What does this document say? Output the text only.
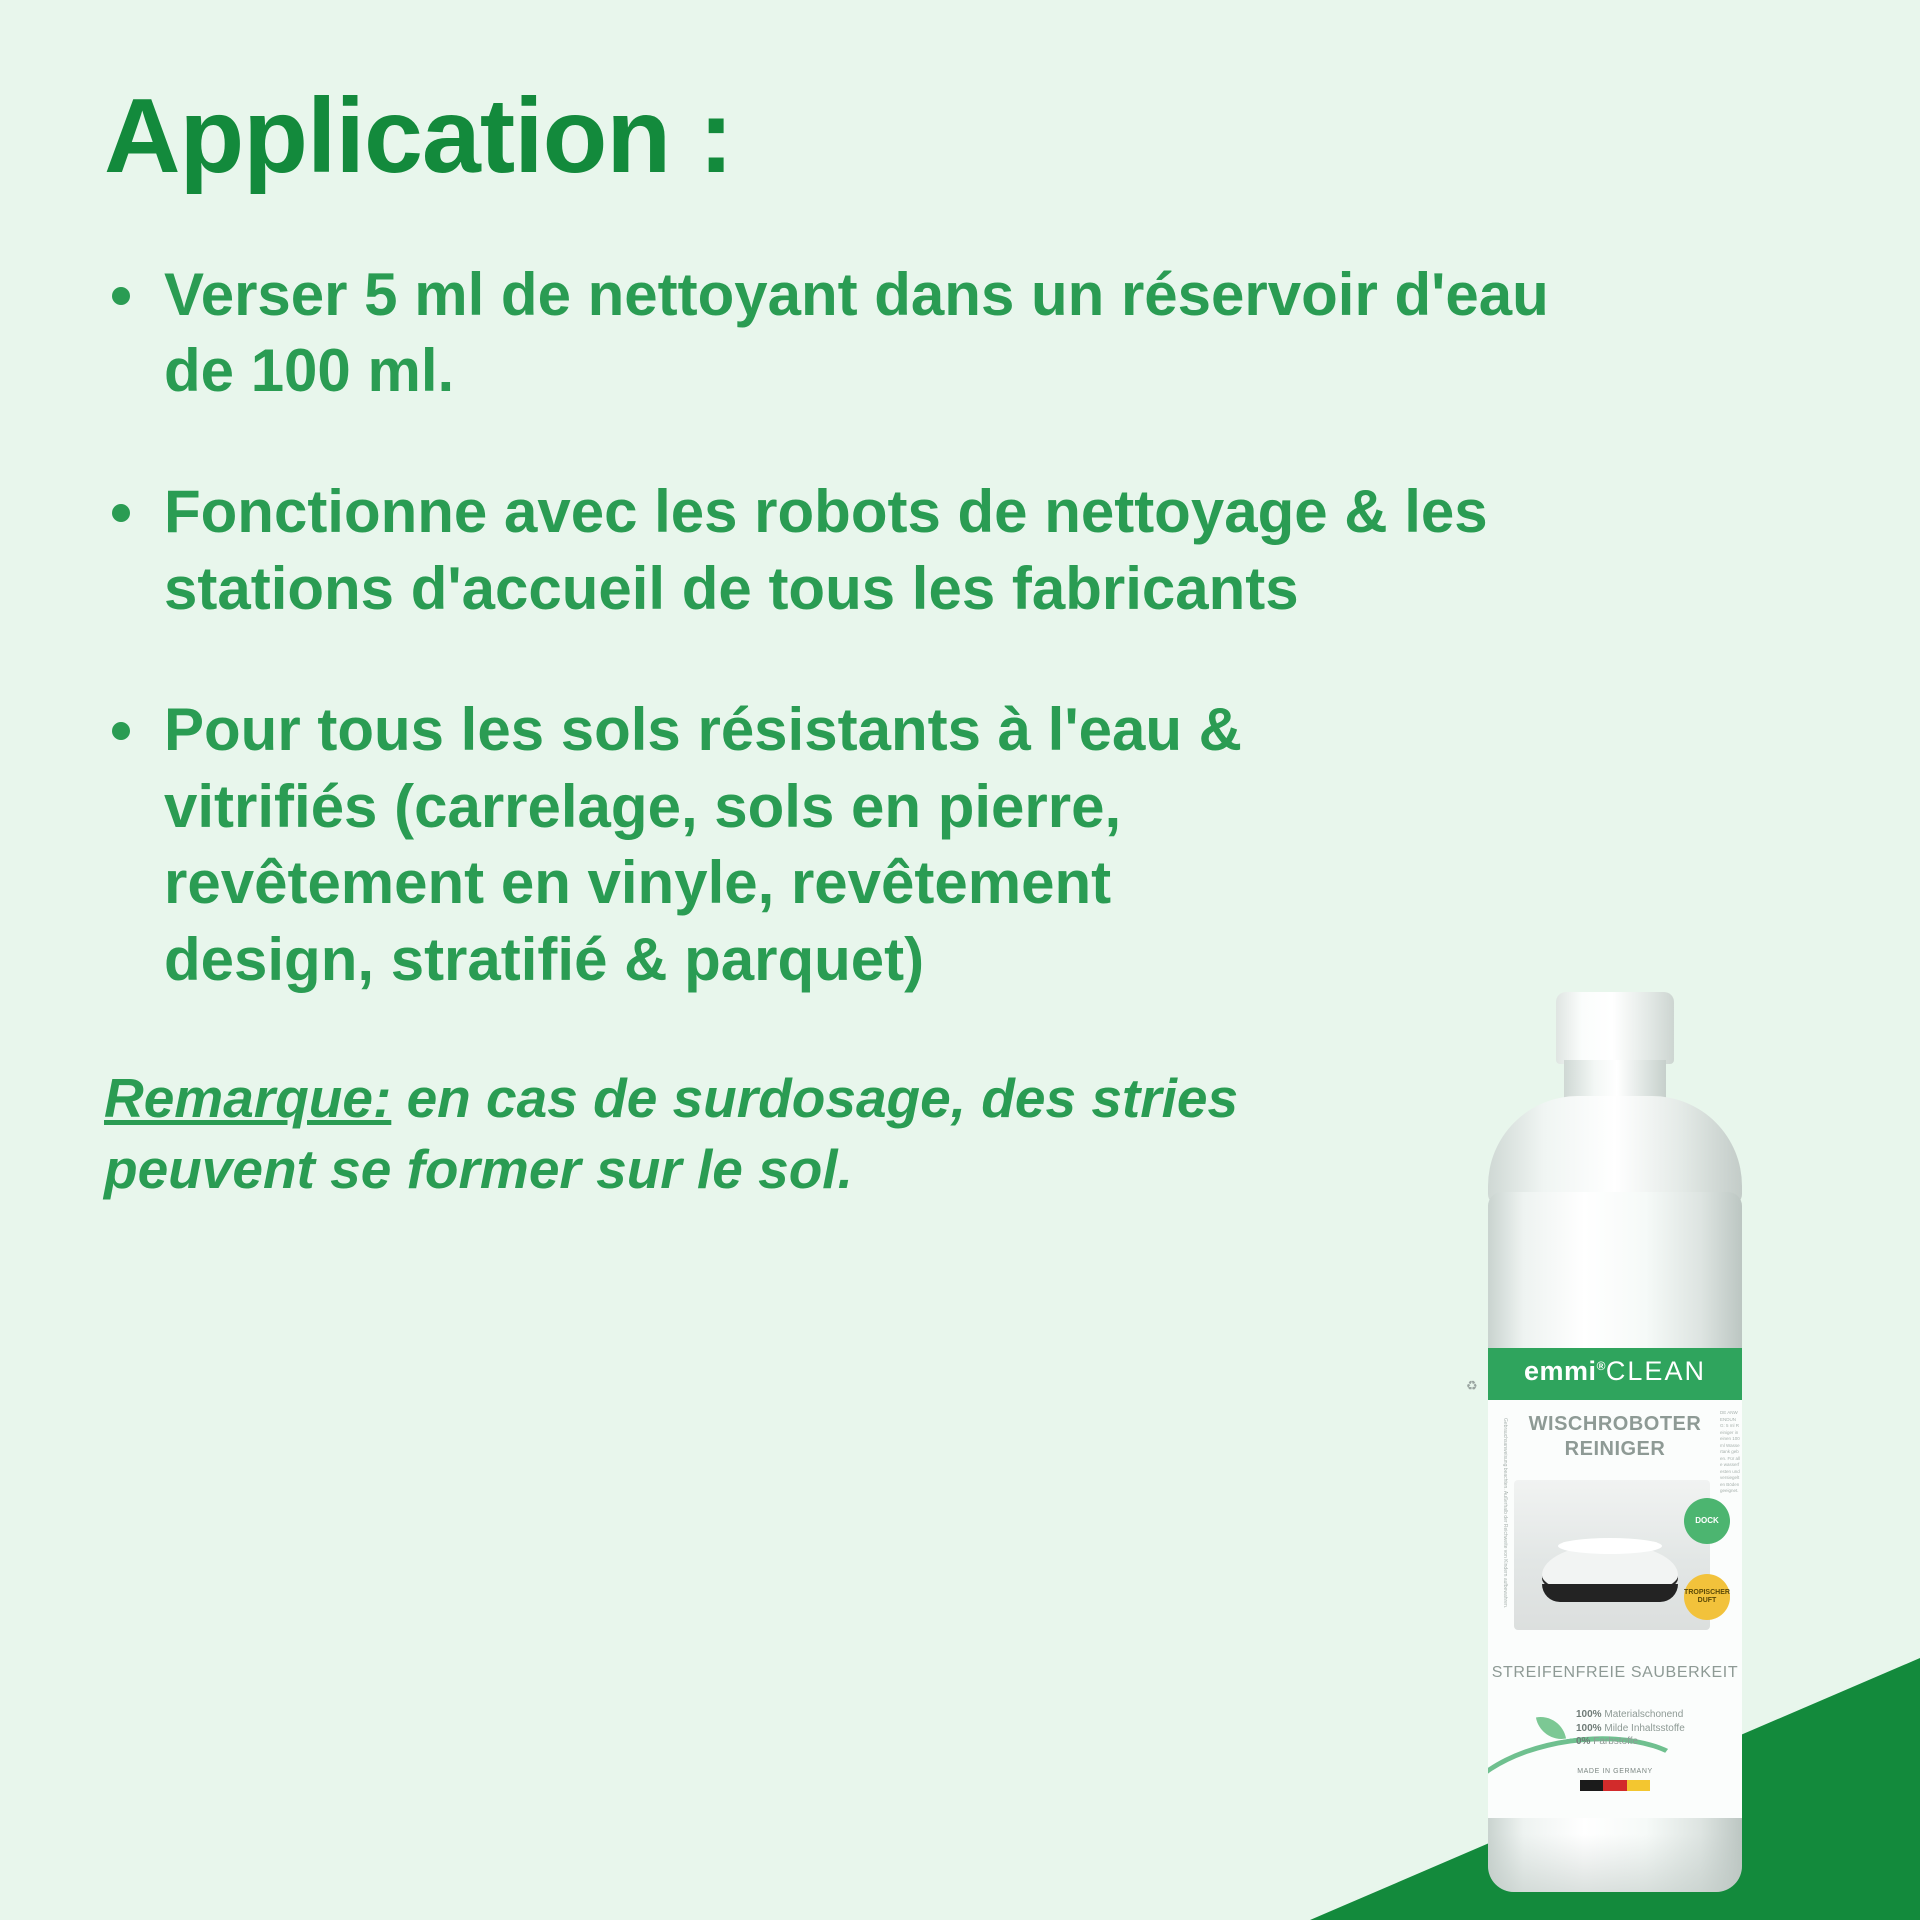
Application :
Verser 5 ml de nettoyant dans un réservoir d'eau de 100 ml.
Fonctionne avec les robots de nettoyage & les stations d'accueil de tous les fabricants
Pour tous les sols résistants à l'eau & vitrifiés (carrelage, sols en pierre, revêtement en vinyle, revêtement design, stratifié & parquet)
Remarque: en cas de surdosage, des stries peuvent se former sur le sol.
emmi®CLEAN
WISCHROBOTER
REINIGER
DOCK
TROPISCHER DUFT
STREIFENFREIE SAUBERKEIT
100% Materialschonend
100% Milde Inhaltsstoffe
0% Farbstoffe
MADE IN GERMANY
Gebrauchsanweisung beachten. Außerhalb der Reichweite von Kindern aufbewahren.
DE ANWENDUNG: 5 ml Reiniger in einen 100 ml Wassertank geben. Für alle wasserfesten und versiegelten Böden geeignet.
♻
